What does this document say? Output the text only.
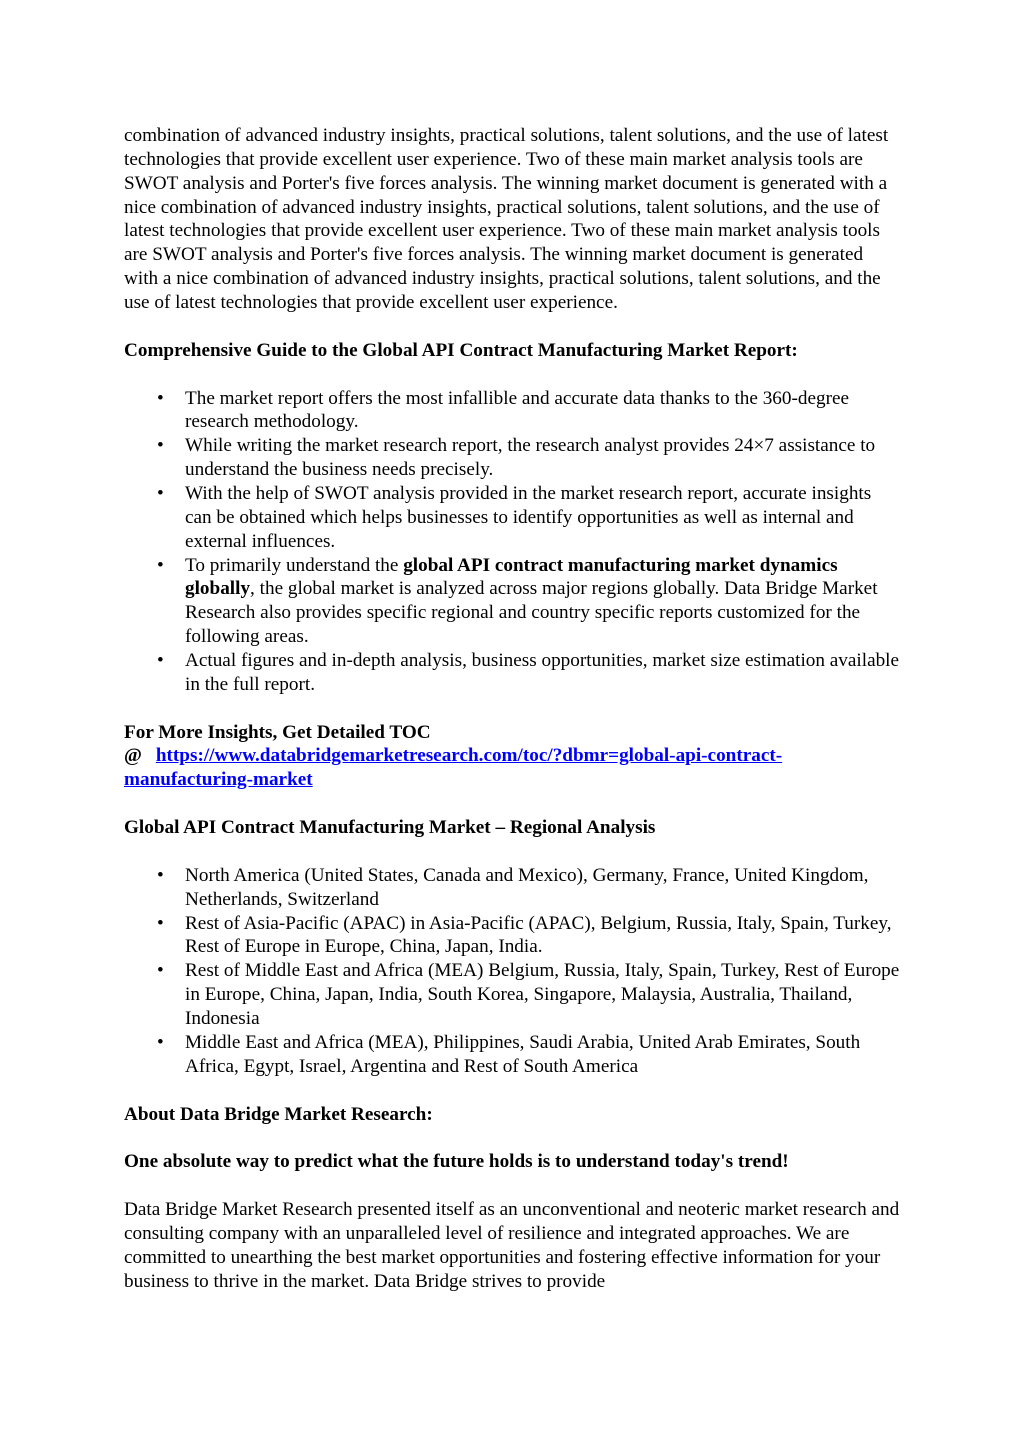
combination of advanced industry insights, practical solutions, talent solutions, and the use of latest technologies that provide excellent user experience. Two of these main market analysis tools are SWOT analysis and Porter's five forces analysis. The winning market document is generated with a nice combination of advanced industry insights, practical solutions, talent solutions, and the use of latest technologies that provide excellent user experience. Two of these main market analysis tools are SWOT analysis and Porter's five forces analysis. The winning market document is generated with a nice combination of advanced industry insights, practical solutions, talent solutions, and the use of latest technologies that provide excellent user experience.

Comprehensive Guide to the Global API Contract Manufacturing Market Report:

• The market report offers the most infallible and accurate data thanks to the 360-degree research methodology.
• While writing the market research report, the research analyst provides 24×7 assistance to understand the business needs precisely.
• With the help of SWOT analysis provided in the market research report, accurate insights can be obtained which helps businesses to identify opportunities as well as internal and external influences.
• To primarily understand the global API contract manufacturing market dynamics globally, the global market is analyzed across major regions globally. Data Bridge Market Research also provides specific regional and country specific reports customized for the following areas.
• Actual figures and in-depth analysis, business opportunities, market size estimation available in the full report.

For More Insights, Get Detailed TOC

@ https://www.databridgemarketresearch.com/toc/?dbmr=global-api-contract-manufacturing-market

Global API Contract Manufacturing Market – Regional Analysis

• North America (United States, Canada and Mexico), Germany, France, United Kingdom, Netherlands, Switzerland
• Rest of Asia-Pacific (APAC) in Asia-Pacific (APAC), Belgium, Russia, Italy, Spain, Turkey, Rest of Europe in Europe, China, Japan, India.
• Rest of Middle East and Africa (MEA) Belgium, Russia, Italy, Spain, Turkey, Rest of Europe in Europe, China, Japan, India, South Korea, Singapore, Malaysia, Australia, Thailand, Indonesia
• Middle East and Africa (MEA), Philippines, Saudi Arabia, United Arab Emirates, South Africa, Egypt, Israel, Argentina and Rest of South America

About Data Bridge Market Research:

One absolute way to predict what the future holds is to understand today's trend!

Data Bridge Market Research presented itself as an unconventional and neoteric market research and consulting company with an unparalleled level of resilience and integrated approaches. We are committed to unearthing the best market opportunities and fostering effective information for your business to thrive in the market. Data Bridge strives to provide
